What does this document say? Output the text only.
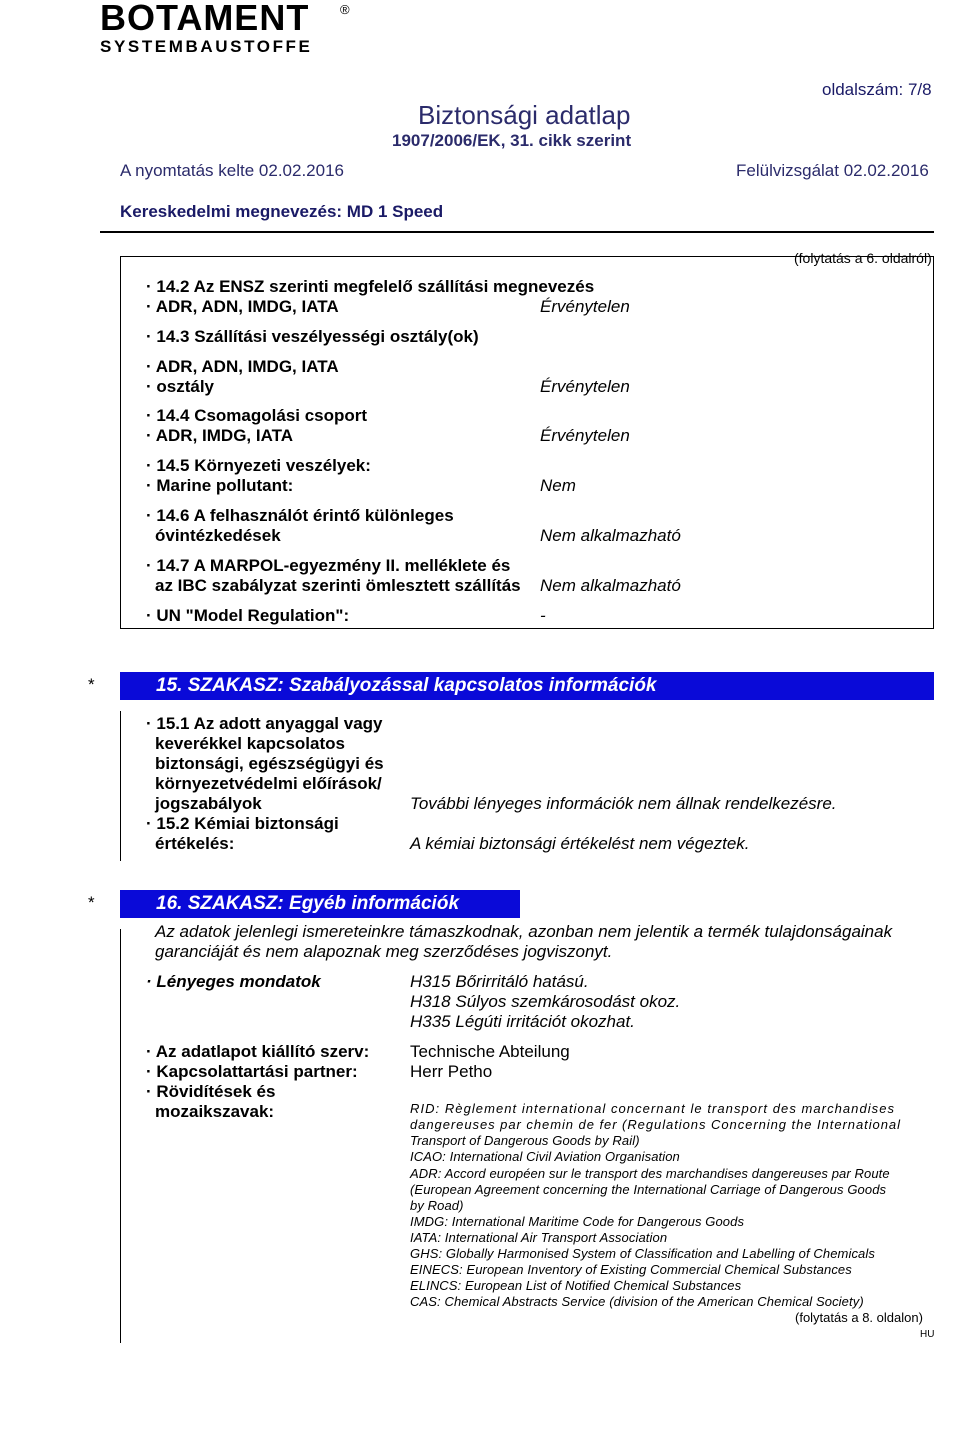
BOTAMENT ®
SYSTEMBAUSTOFFE
oldalszám: 7/8
Biztonsági adatlap
1907/2006/EK, 31. cikk szerint
A nyomtatás kelte 02.02.2016	Felülvizsgálat 02.02.2016
Kereskedelmi megnevezés: MD 1 Speed
(folytatás a 6. oldalról)
· 14.2 Az ENSZ szerinti megfelelő szállítási megnevezés
· ADR, ADN, IMDG, IATA	Érvénytelen
· 14.3 Szállítási veszélyességi osztály(ok)
· ADR, ADN, IMDG, IATA
· osztály	Érvénytelen
· 14.4 Csomagolási csoport
· ADR, IMDG, IATA	Érvénytelen
· 14.5 Környezeti veszélyek:
· Marine pollutant:	Nem
· 14.6 A felhasználót érintő különleges
óvintézkedések	Nem alkalmazható
· 14.7 A MARPOL-egyezmény II. melléklete és
az IBC szabályzat szerinti ömlesztett szállítás Nem alkalmazható
· UN "Model Regulation":	-
*	15. SZAKASZ: Szabályozással kapcsolatos információk
· 15.1 Az adott anyaggal vagy
keverékkel kapcsolatos
biztonsági, egészségügyi és
környezetvédelmi előírások/
jogszabályok	További lényeges információk nem állnak rendelkezésre.
· 15.2 Kémiai biztonsági
értékelés:	A kémiai biztonsági értékelést nem végeztek.
*	16. SZAKASZ: Egyéb információk
Az adatok jelenlegi ismereteinkre támaszkodnak, azonban nem jelentik a termék tulajdonságainak
garanciáját és nem alapoznak meg szerződéses jogviszonyt.
· Lényeges mondatok	H315 Bőrirritáló hatású.
H318 Súlyos szemkárosodást okoz.
H335 Légúti irritációt okozhat.
· Az adatlapot kiállító szerv: Technische Abteilung
· Kapcsolattartási partner:	Herr Petho
· Rövidítések és
mozaikszavak:	RID: Règlement international concernant le transport des marchandises
dangereuses par chemin de fer (Regulations Concerning the International
Transport of Dangerous Goods by Rail)
ICAO: International Civil Aviation Organisation
ADR: Accord européen sur le transport des marchandises dangereuses par Route
(European Agreement concerning the International Carriage of Dangerous Goods
by Road)
IMDG: International Maritime Code for Dangerous Goods
IATA: International Air Transport Association
GHS: Globally Harmonised System of Classification and Labelling of Chemicals
EINECS: European Inventory of Existing Commercial Chemical Substances
ELINCS: European List of Notified Chemical Substances
CAS: Chemical Abstracts Service (division of the American Chemical Society)
(folytatás a 8. oldalon)
HU
